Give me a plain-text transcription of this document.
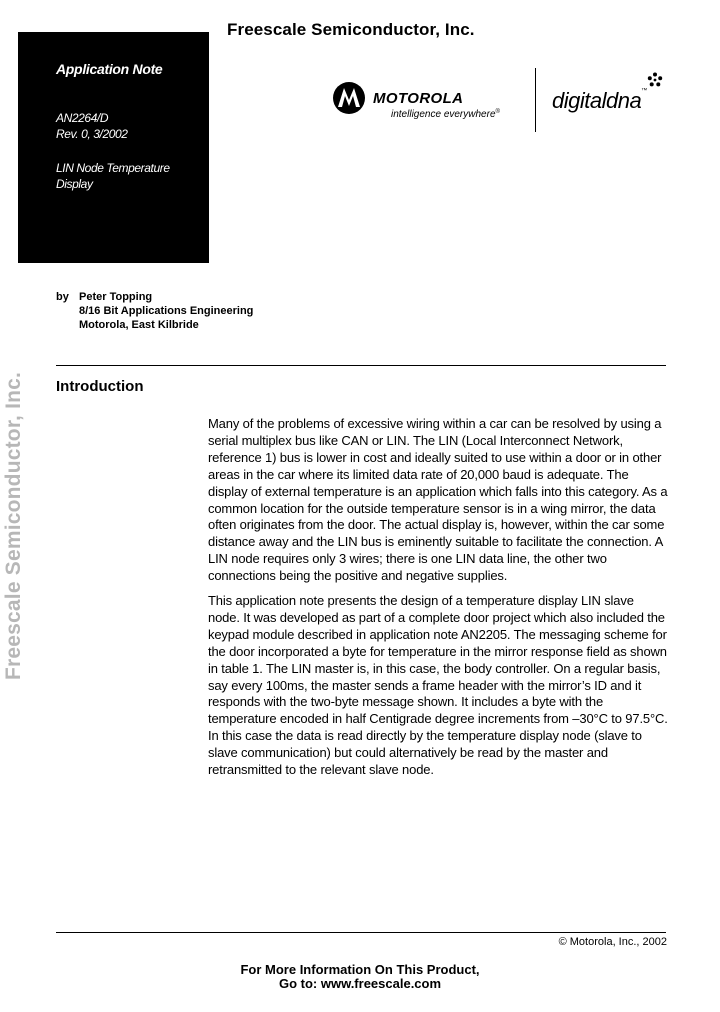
Freescale Semiconductor, Inc.
Application Note
AN2264/D
Rev. 0, 3/2002
LIN Node Temperature
Display
MOTOROLA
intelligence everywhere® digitaldna™
Freescale Semiconductor, Inc.
by Peter Topping
8/16 Bit Applications Engineering
Motorola, East Kilbride
Introduction

Many of the problems of excessive wiring within a car can be resolved by using a serial multiplex bus like CAN or LIN. The LIN (Local Interconnect Network, reference 1) bus is lower in cost and ideally suited to use within a door or in other areas in the car where its limited data rate of 20,000 baud is adequate. The display of external temperature is an application which falls into this category. As a common location for the outside temperature sensor is in a wing mirror, the data often originates from the door. The actual display is, however, within the car some distance away and the LIN bus is eminently suitable to facilitate the connection. A LIN node requires only 3 wires; there is one LIN data line, the other two connections being the positive and negative supplies.

This application note presents the design of a temperature display LIN slave node. It was developed as part of a complete door project which also included the keypad module described in application note AN2205. The messaging scheme for the door incorporated a byte for temperature in the mirror response field as shown in table 1. The LIN master is, in this case, the body controller. On a regular basis, say every 100ms, the master sends a frame header with the mirror’s ID and it responds with the two-byte message shown. It includes a byte with the temperature encoded in half Centigrade degree increments from –30°C to 97.5°C. In this case the data is read directly by the temperature display node (slave to slave communication) but could alternatively be read by the master and retransmitted to the relevant slave node.

© Motorola, Inc., 2002
For More Information On This Product,
Go to: www.freescale.com
